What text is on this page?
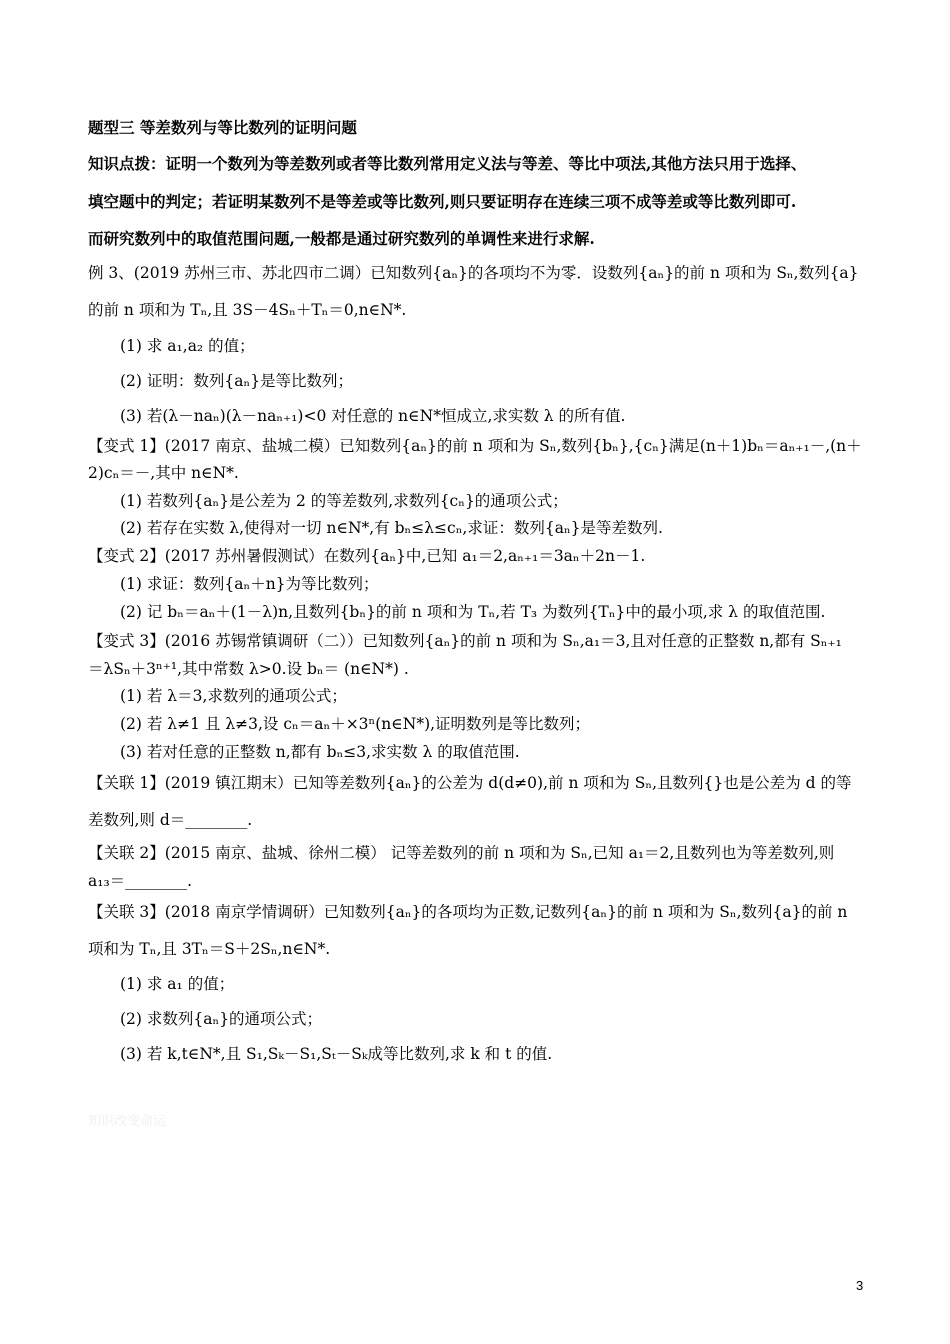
题型三 等差数列与等比数列的证明问题
知识点拨：证明一个数列为等差数列或者等比数列常用定义法与等差、等比中项法,其他方法只用于选择、
填空题中的判定；若证明某数列不是等差或等比数列,则只要证明存在连续三项不成等差或等比数列即可.
而研究数列中的取值范围问题,一般都是通过研究数列的单调性来进行求解.
例 3、(2019 苏州三市、苏北四市二调）已知数列{aₙ}的各项均不为零．设数列{aₙ}的前 n 项和为 Sₙ,数列{a}
的前 n 项和为 Tₙ,且 3S－4Sₙ＋Tₙ＝0,n∈N*.
(1) 求 a₁,a₂ 的值；
(2) 证明：数列{aₙ}是等比数列；
(3) 若(λ－naₙ)(λ－naₙ₊₁)<0 对任意的 n∈N*恒成立,求实数 λ 的所有值.
【变式 1】(2017 南京、盐城二模）已知数列{aₙ}的前 n 项和为 Sₙ,数列{bₙ},{cₙ}满足(n＋1)bₙ＝aₙ₊₁－,(n＋
2)cₙ＝－,其中 n∈N*.
(1) 若数列{aₙ}是公差为 2 的等差数列,求数列{cₙ}的通项公式；
(2) 若存在实数 λ,使得对一切 n∈N*,有 bₙ≤λ≤cₙ,求证：数列{aₙ}是等差数列.
【变式 2】(2017 苏州暑假测试）在数列{aₙ}中,已知 a₁＝2,aₙ₊₁＝3aₙ＋2n－1.
(1) 求证：数列{aₙ＋n}为等比数列；
(2) 记 bₙ＝aₙ＋(1－λ)n,且数列{bₙ}的前 n 项和为 Tₙ,若 T₃ 为数列{Tₙ}中的最小项,求 λ 的取值范围.
【变式 3】(2016 苏锡常镇调研（二））已知数列{aₙ}的前 n 项和为 Sₙ,a₁＝3,且对任意的正整数 n,都有 Sₙ₊₁
＝λSₙ＋3ⁿ⁺¹,其中常数 λ>0.设 bₙ＝ (n∈N*) .
(1) 若 λ＝3,求数列的通项公式；
(2) 若 λ≠1 且 λ≠3,设 cₙ＝aₙ＋×3ⁿ(n∈N*),证明数列是等比数列；
(3) 若对任意的正整数 n,都有 bₙ≤3,求实数 λ 的取值范围.
【关联 1】(2019 镇江期末）已知等差数列{aₙ}的公差为 d(d≠0),前 n 项和为 Sₙ,且数列{}也是公差为 d 的等
差数列,则 d＝________.
【关联 2】(2015 南京、盐城、徐州二模） 记等差数列的前 n 项和为 Sₙ,已知 a₁＝2,且数列也为等差数列,则
a₁₃＝________.
【关联 3】(2018 南京学情调研）已知数列{aₙ}的各项均为正数,记数列{aₙ}的前 n 项和为 Sₙ,数列{a}的前 n
项和为 Tₙ,且 3Tₙ＝S＋2Sₙ,n∈N*.
(1) 求 a₁ 的值；
(2) 求数列{aₙ}的通项公式；
(3) 若 k,t∈N*,且 S₁,Sₖ－S₁,Sₜ－Sₖ成等比数列,求 k 和 t 的值.
知识改变命运
3
